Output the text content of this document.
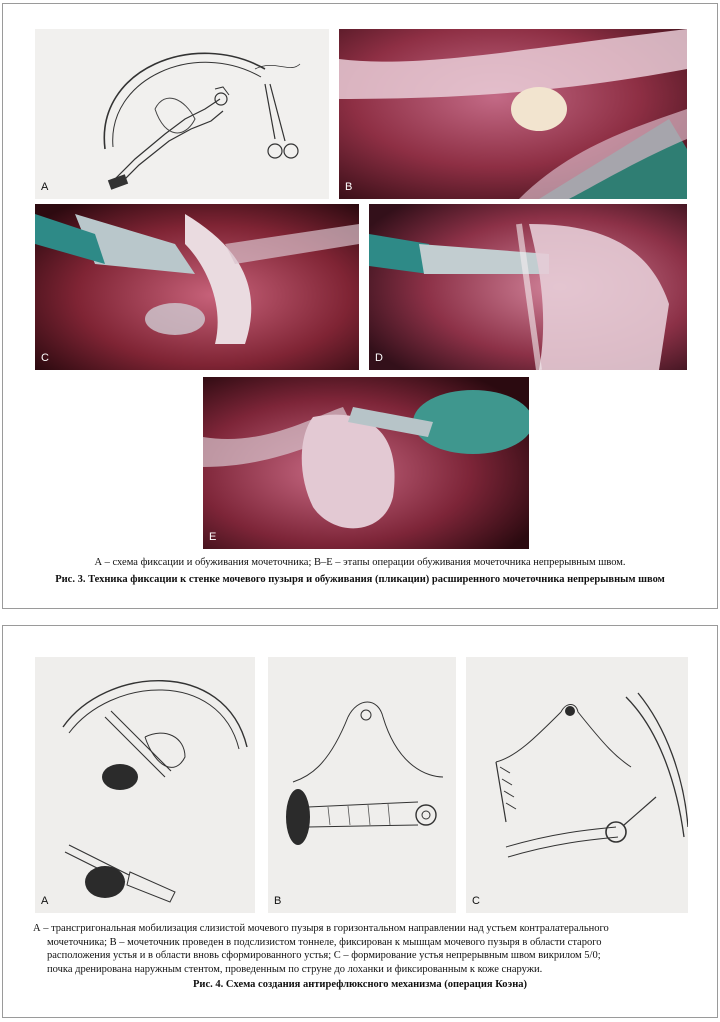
A	B
C	D
E
А – схема фиксации и обуживания мочеточника; B–E – этапы операции обуживания мочеточника непрерывным швом.
Рис. 3. Техника фиксации к стенке мочевого пузыря и обуживания (пликации) расширенного мочеточника непрерывным швом
A	B	C
А – трансгригональная мобилизация слизистой мочевого пузыря в горизонтальном направлении над устьем контралатерального
мочеточника; B – мочеточник проведен в подслизистом тоннеле, фиксирован к мышцам мочевого пузыря в области старого
расположения устья и в области вновь сформированного устья; C – формирование устья непрерывным швом викрилом 5/0;
почка дренирована наружным стентом, проведенным по струне до лоханки и фиксированным к коже снаружи.
Рис. 4. Схема создания антирефлюксного механизма (операция Коэна)
